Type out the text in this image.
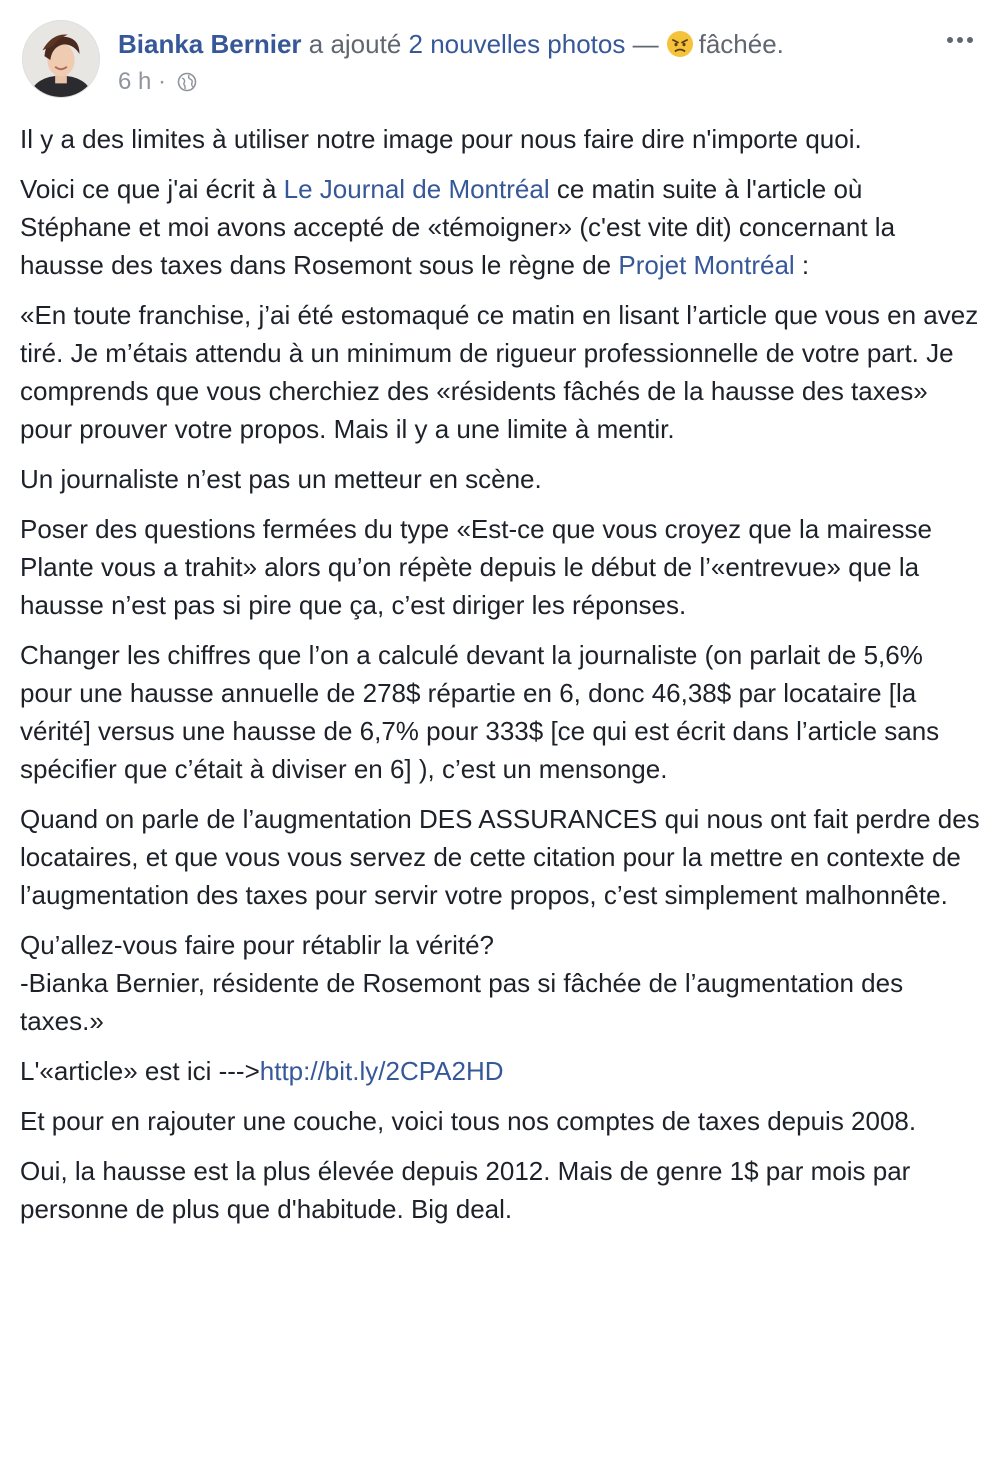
Bianka Bernier a ajouté 2 nouvelles photos — fâchée.
6 h ·

Il y a des limites à utiliser notre image pour nous faire dire n'importe quoi.

Voici ce que j'ai écrit à Le Journal de Montréal ce matin suite à l'article où Stéphane et moi avons accepté de «témoigner» (c'est vite dit) concernant la hausse des taxes dans Rosemont sous le règne de Projet Montréal :

«En toute franchise, j’ai été estomaqué ce matin en lisant l’article que vous en avez tiré. Je m’étais attendu à un minimum de rigueur professionnelle de votre part. Je comprends que vous cherchiez des «résidents fâchés de la hausse des taxes» pour prouver votre propos. Mais il y a une limite à mentir.

Un journaliste n’est pas un metteur en scène.

Poser des questions fermées du type «Est-ce que vous croyez que la mairesse Plante vous a trahit» alors qu’on répète depuis le début de l’«entrevue» que la hausse n’est pas si pire que ça, c’est diriger les réponses.

Changer les chiffres que l’on a calculé devant la journaliste (on parlait de 5,6% pour une hausse annuelle de 278$ répartie en 6, donc 46,38$ par locataire [la vérité] versus une hausse de 6,7% pour 333$ [ce qui est écrit dans l’article sans spécifier que c’était à diviser en 6] ), c’est un mensonge.

Quand on parle de l’augmentation DES ASSURANCES qui nous ont fait perdre des locataires, et que vous vous servez de cette citation pour la mettre en contexte de l’augmentation des taxes pour servir votre propos, c’est simplement malhonnête.

Qu’allez-vous faire pour rétablir la vérité?
-Bianka Bernier, résidente de Rosemont pas si fâchée de l’augmentation des taxes.»

L'«article» est ici --->http://bit.ly/2CPA2HD

Et pour en rajouter une couche, voici tous nos comptes de taxes depuis 2008.

Oui, la hausse est la plus élevée depuis 2012. Mais de genre 1$ par mois par personne de plus que d'habitude. Big deal.
